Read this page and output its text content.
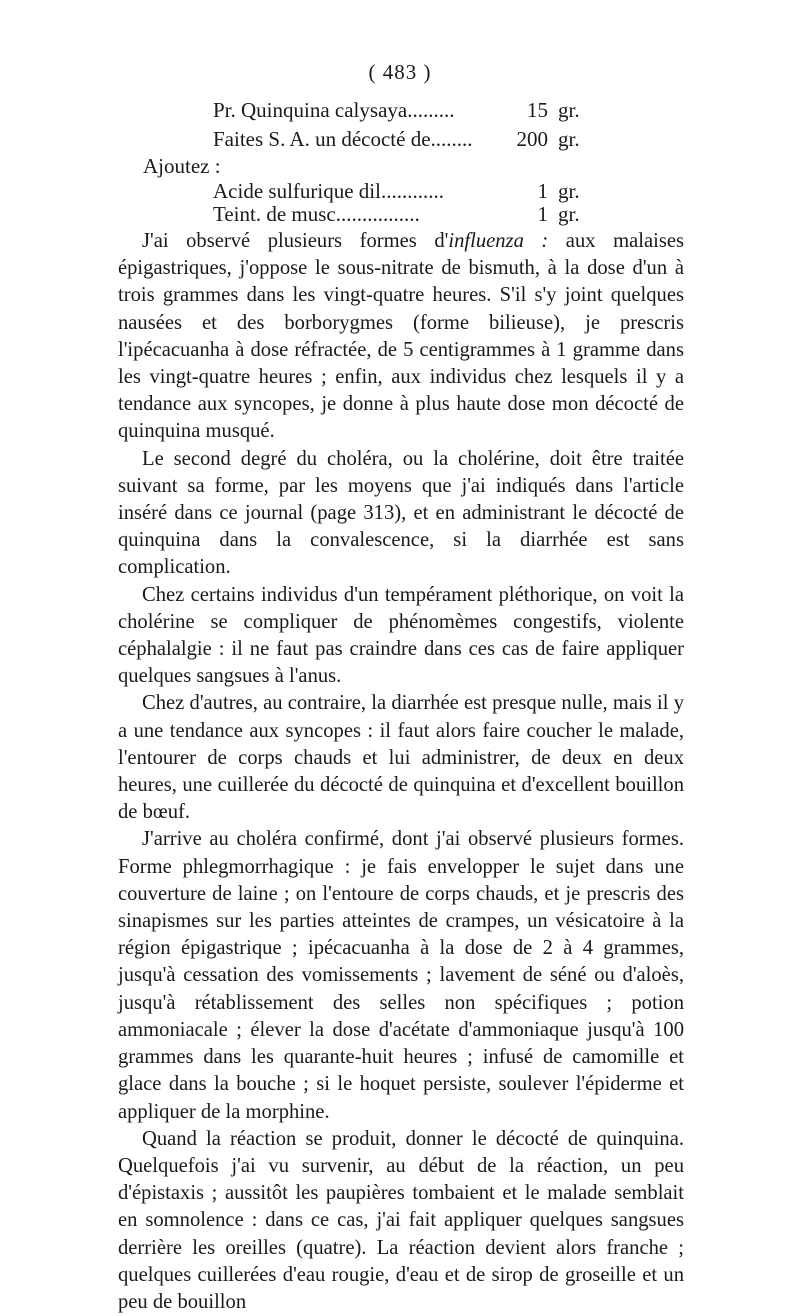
( 483 )
Pr. Quinquina calysaya.........	15 gr.
Faites S. A. un décocté de........	200 gr.
Ajoutez :
Acide sulfurique dil............	1 gr.
Teint. de musc................	1 gr.

J'ai observé plusieurs formes d'influenza : aux malaises épigastriques, j'oppose le sous-nitrate de bismuth, à la dose d'un à trois grammes dans les vingt-quatre heures. S'il s'y joint quelques nausées et des borborygmes (forme bilieuse), je prescris l'ipécacuanha à dose réfractée, de 5 centigrammes à 1 gramme dans les vingt-quatre heures ; enfin, aux individus chez lesquels il y a tendance aux syncopes, je donne à plus haute dose mon décocté de quinquina musqué.

Le second degré du choléra, ou la cholérine, doit être traitée suivant sa forme, par les moyens que j'ai indiqués dans l'article inséré dans ce journal (page 313), et en administrant le décocté de quinquina dans la convalescence, si la diarrhée est sans complication.

Chez certains individus d'un tempérament pléthorique, on voit la cholérine se compliquer de phénomèmes congestifs, violente céphalalgie : il ne faut pas craindre dans ces cas de faire appliquer quelques sangsues à l'anus.

Chez d'autres, au contraire, la diarrhée est presque nulle, mais il y a une tendance aux syncopes : il faut alors faire coucher le malade, l'entourer de corps chauds et lui administrer, de deux en deux heures, une cuillerée du décocté de quinquina et d'excellent bouillon de bœuf.

J'arrive au choléra confirmé, dont j'ai observé plusieurs formes. Forme phlegmorrhagique : je fais envelopper le sujet dans une couverture de laine ; on l'entoure de corps chauds, et je prescris des sinapismes sur les parties atteintes de crampes, un vésicatoire à la région épigastrique ; ipécacuanha à la dose de 2 à 4 grammes, jusqu'à cessation des vomissements ; lavement de séné ou d'aloès, jusqu'à rétablissement des selles non spécifiques ; potion ammoniacale ; élever la dose d'acétate d'ammoniaque jusqu'à 100 grammes dans les quarante-huit heures ; infusé de camomille et glace dans la bouche ; si le hoquet persiste, soulever l'épiderme et appliquer de la morphine.

Quand la réaction se produit, donner le décocté de quinquina. Quelquefois j'ai vu survenir, au début de la réaction, un peu d'épistaxis ; aussitôt les paupières tombaient et le malade semblait en somnolence : dans ce cas, j'ai fait appliquer quelques sangsues derrière les oreilles (quatre). La réaction devient alors franche ; quelques cuillerées d'eau rougie, d'eau et de sirop de groseille et un peu de bouillon
